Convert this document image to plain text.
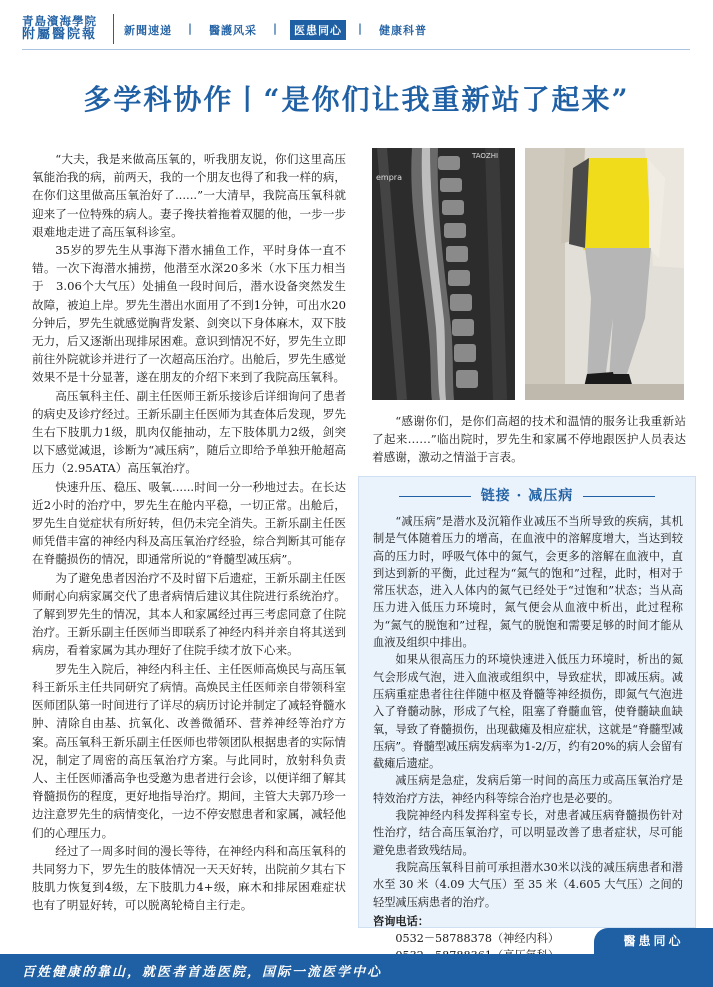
青島濱海學院
附屬醫院報	新聞速递	|	醫護风采	|	医患同心	|	健康科普
多学科协作丨“是你们让我重新站了起来”

“大夫，我是来做高压氧的，听我朋友说，你们这里高压氧能治我的病，前两天，我的一个朋友也得了和我一样的病，在你们这里做高压氧治好了......”一大清早，我院高压氧科就迎来了一位特殊的病人。妻子搀扶着拖着双腿的他，一步一步艰难地走进了高压氧科诊室。

35岁的罗先生从事海下潜水捕鱼工作，平时身体一直不错。一次下海潜水捕捞，他潜至水深20多米（水下压力相当于　3.06个大气压）处捕鱼一段时间后，潜水设备突然发生故障，被迫上岸。罗先生潜出水面用了不到1分钟，可出水20分钟后，罗先生就感觉胸背发紧、剑突以下身体麻木，双下肢无力，后又逐渐出现排尿困难。意识到情况不好，罗先生立即前往外院就诊并进行了一次超高压治疗。出舱后，罗先生感觉效果不是十分显著，遂在朋友的介绍下来到了我院高压氧科。

高压氧科主任、副主任医师王新乐接诊后详细询问了患者的病史及诊疗经过。王新乐副主任医师为其查体后发现，罗先生右下肢肌力1级，肌肉仅能抽动，左下肢体肌力2级，剑突以下感觉减退，诊断为“减压病”，随后立即给予单独开舱超高压力（2.95ATA）高压氧治疗。

快速升压、稳压、吸氧......时间一分一秒地过去。在长达近2小时的治疗中，罗先生在舱内平稳，一切正常。出舱后，罗先生自觉症状有所好转，但仍未完全消失。王新乐副主任医师凭借丰富的神经内科及高压氧治疗经验，综合判断其可能存在脊髓损伤的情况，即通常所说的“脊髓型减压病”。

为了避免患者因治疗不及时留下后遗症，王新乐副主任医师耐心向病家属交代了患者病情后建议其住院进行系统治疗。了解到罗先生的情况，其本人和家属经过再三考虑同意了住院治疗。王新乐副主任医师当即联系了神经内科并亲自将其送到病房，看着家属为其办理好了住院手续才放下心来。

罗先生入院后，神经内科主任、主任医师高焕民与高压氧科王新乐主任共同研究了病情。高焕民主任医师亲自带领科室医师团队第一时间进行了详尽的病历讨论并制定了减轻脊髓水肿、清除自由基、抗氧化、改善微循环、营养神经等治疗方案。高压氧科王新乐副主任医师也带领团队根据患者的实际情况，制定了周密的高压氧治疗方案。与此同时，放射科负责人、主任医师潘高争也受邀为患者进行会诊，以便详细了解其脊髓损伤的程度，更好地指导治疗。期间，主管大夫郭乃珍一边注意罗先生的病情变化，一边不停安慰患者和家属，减轻他们的心理压力。

经过了一周多时间的漫长等待，在神经内科和高压氧科的共同努力下，罗先生的肢体情况一天天好转，出院前夕其右下肢肌力恢复到4级，左下肢肌力4+级，麻木和排尿困难症状也有了明显好转，可以脱离轮椅自主行走。

empra
TAOZHI

“感谢你们，是你们高超的技术和温情的服务让我重新站了起来……”临出院时，罗先生和家属不停地跟医护人员表达着感谢，激动之情溢于言表。

链接 · 减压病

“减压病”是潜水及沉箱作业减压不当所导致的疾病，其机制是气体随着压力的增高，在血液中的溶解度增大，当达到较高的压力时，呼吸气体中的氮气，会更多的溶解在血液中，直到达到新的平衡，此过程为“氮气的饱和”过程，此时，相对于常压状态，进入人体内的氮气已经处于“过饱和”状态；当从高压力进入低压力环境时，氮气便会从血液中析出，此过程称为“氮气的脱饱和”过程，氮气的脱饱和需要足够的时间才能从血液及组织中排出。

如果从很高压力的环境快速进入低压力环境时，析出的氮气会形成气泡，进入血液或组织中，导致症状，即减压病。减压病重症患者往往伴随中枢及脊髓等神经损伤，即氮气气泡进入了脊髓动脉，形成了气栓，阻塞了脊髓血管，使脊髓缺血缺氧，导致了脊髓损伤，出现截瘫及相应症状，这就是“脊髓型减压病”。脊髓型减压病发病率为1-2/万，约有20%的病人会留有截瘫后遗症。

减压病是急症，发病后第一时间的高压力或高压氧治疗是特效治疗方法，神经内科等综合治疗也是必要的。

我院神经内科发挥科室专长，对患者减压病脊髓损伤针对性治疗，结合高压氧治疗，可以明显改善了患者症状，尽可能避免患者致残结局。

我院高压氧科目前可承担潜水30米以浅的减压病患者和潜水至 30 米（4.09 大气压）至 35 米（4.605 大气压）之间的轻型减压病患者的治疗。

咨询电话：

0532－58788378（神经内科）	醫患同心
百姓健康的靠山，就医者首选医院，国际一流医学中心
